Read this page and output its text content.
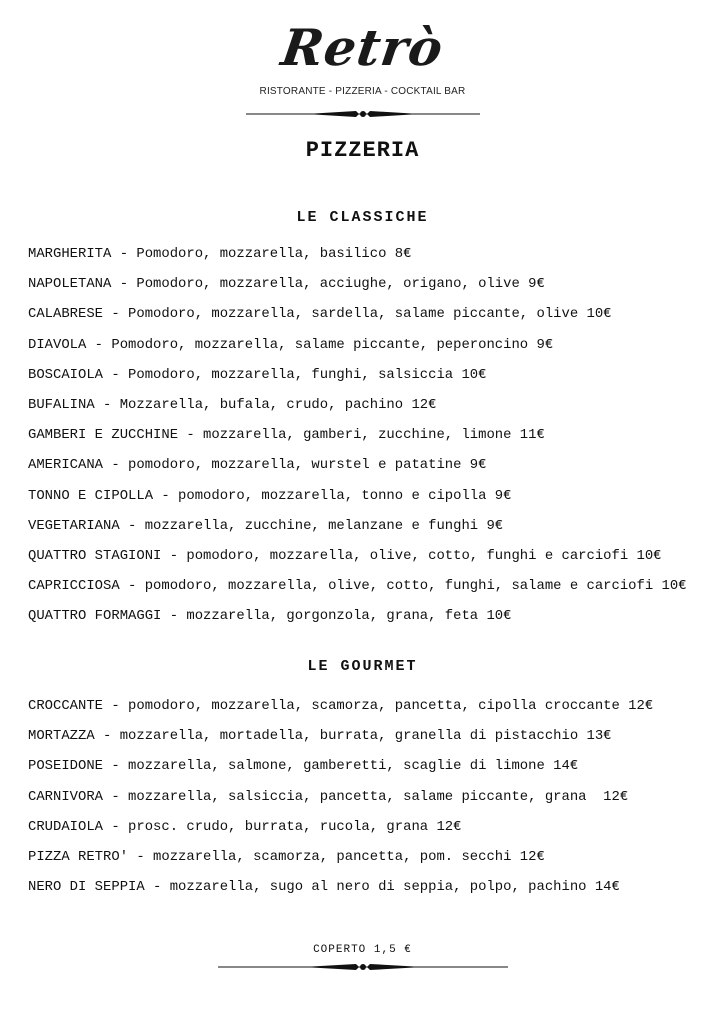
Retrò
RISTORANTE - PIZZERIA - COCKTAIL BAR
PIZZERIA
LE CLASSICHE
MARGHERITA - Pomodoro, mozzarella, basilico 8€
NAPOLETANA - Pomodoro, mozzarella, acciughe, origano, olive 9€
CALABRESE - Pomodoro, mozzarella, sardella, salame piccante, olive 10€
DIAVOLA - Pomodoro, mozzarella, salame piccante, peperoncino 9€
BOSCAIOLA - Pomodoro, mozzarella, funghi, salsiccia 10€
BUFALINA - Mozzarella, bufala, crudo, pachino 12€
GAMBERI E ZUCCHINE - mozzarella, gamberi, zucchine, limone 11€
AMERICANA - pomodoro, mozzarella, wurstel e patatine 9€
TONNO E CIPOLLA - pomodoro, mozzarella, tonno e cipolla 9€
VEGETARIANA - mozzarella, zucchine, melanzane e funghi 9€
QUATTRO STAGIONI - pomodoro, mozzarella, olive, cotto, funghi e carciofi 10€
CAPRICCIOSA - pomodoro, mozzarella, olive, cotto, funghi, salame e carciofi 10€
QUATTRO FORMAGGI - mozzarella, gorgonzola, grana, feta 10€
LE GOURMET
CROCCANTE - pomodoro, mozzarella, scamorza, pancetta, cipolla croccante 12€
MORTAZZA - mozzarella, mortadella, burrata, granella di pistacchio 13€
POSEIDONE - mozzarella, salmone, gamberetti, scaglie di limone 14€
CARNIVORA - mozzarella, salsiccia, pancetta, salame piccante, grana  12€
CRUDAIOLA - prosc. crudo, burrata, rucola, grana 12€
PIZZA RETRO' - mozzarella, scamorza, pancetta, pom. secchi 12€
NERO DI SEPPIA - mozzarella, sugo al nero di seppia, polpo, pachino 14€
COPERTO 1,5 €
